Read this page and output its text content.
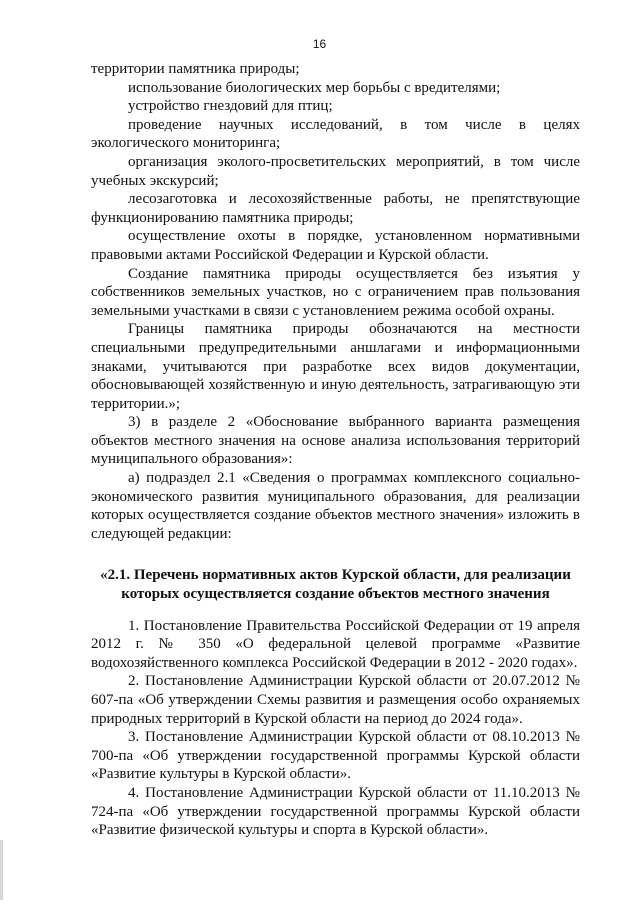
16

территории памятника природы;

использование биологических мер борьбы с вредителями;

устройство гнездовий для птиц;

проведение научных исследований, в том числе в целях экологического мониторинга;

организация эколого-просветительских мероприятий, в том числе учебных экскурсий;

лесозаготовка и лесохозяйственные работы, не препятствующие функционированию памятника природы;

осуществление охоты в порядке, установленном нормативными правовыми актами Российской Федерации и Курской области.

Создание памятника природы осуществляется без изъятия у собственников земельных участков, но с ограничением прав пользования земельными участками в связи с установлением режима особой охраны.

Границы памятника природы обозначаются на местности специальными предупредительными аншлагами и информационными знаками, учитываются при разработке всех видов документации, обосновывающей хозяйственную и иную деятельность, затрагивающую эти территории.»;

3) в разделе 2 «Обоснование выбранного варианта размещения объектов местного значения на основе анализа использования территорий муниципального образования»:

а) подраздел 2.1 «Сведения о программах комплексного социально-экономического развития муниципального образования, для реализации которых осуществляется создание объектов местного значения» изложить в следующей редакции:

«2.1. Перечень нормативных актов Курской области, для реализации
которых осуществляется создание объектов местного значения

1. Постановление Правительства Российской Федерации от 19 апреля 2012 г. № 350 «О федеральной целевой программе «Развитие водохозяйственного комплекса Российской Федерации в 2012 - 2020 годах».

2. Постановление Администрации Курской области от 20.07.2012 № 607-па «Об утверждении Схемы развития и размещения особо охраняемых природных территорий в Курской области на период до 2024 года».

3. Постановление Администрации Курской области от 08.10.2013 № 700-па «Об утверждении государственной программы Курской области «Развитие культуры в Курской области».

4. Постановление Администрации Курской области от 11.10.2013 № 724-па «Об утверждении государственной программы Курской области «Развитие физической культуры и спорта в Курской области».
